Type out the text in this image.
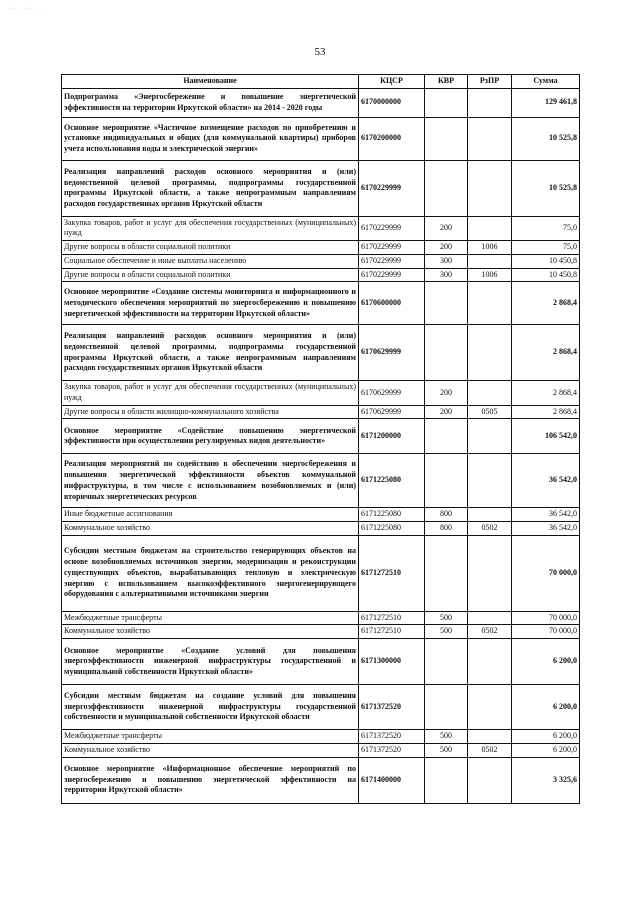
· · · · · · ·
53
Наименование	КЦСР	КВР	РзПР	Сумма
Подпрограмма «Энергосбережение и повышение энергетической эффективности на территории Иркутской области» на 2014 - 2020 годы	6170000000			129 461,8
Основное мероприятие «Частичное возмещение расходов по приобретению и установке индивидуальных и общих (для коммунальной квартиры) приборов учета использования воды и электрической энергии»	6170200000			10 525,8
Реализация направлений расходов основного мероприятия и (или) ведомственной целевой программы, подпрограммы государственной программы Иркутской области, а также непрограммным направлениям расходов государственных органов Иркутской области	6170229999			10 525,8
Закупка товаров, работ и услуг для обеспечения государственных (муниципальных) нужд	6170229999	200		75,0
Другие вопросы в области социальной политики	6170229999	200	1006	75,0
Социальное обеспечение и иные выплаты населению	6170229999	300		10 450,8
Другие вопросы в области социальной политики	6170229999	300	1006	10 450,8
Основное мероприятие «Создание системы мониторинга и информационного и методического обеспечения мероприятий по энергосбережению и повышению энергетической эффективности на территории Иркутской области»	6170600000			2 868,4
Реализация направлений расходов основного мероприятия и (или) ведомственной целевой программы, подпрограммы государственной программы Иркутской области, а также непрограммным направлениям расходов государственных органов Иркутской области	6170629999			2 868,4
Закупка товаров, работ и услуг для обеспечения государственных (муниципальных) нужд	6170629999	200		2 868,4
Другие вопросы в области жилищно-коммунального хозяйства	6170629999	200	0505	2 868,4
Основное мероприятие «Содействие повышению энергетической эффективности при осуществлении регулируемых видов деятельности»	6171200000			106 542,0
Реализация мероприятий по содействию в обеспечении энергосбережения и повышения энергетической эффективности объектов коммунальной инфраструктуры, в том числе с использованием возобновляемых и (или) вторичных энергетических ресурсов	6171225080			36 542,0
Иные бюджетные ассигнования	6171225080	800		36 542,0
Коммунальное хозяйство	6171225080	800	0502	36 542,0
Субсидии местным бюджетам на строительство генерирующих объектов на основе возобновляемых источников энергии, модернизации и реконструкции существующих объектов, вырабатывающих тепловую и электрическую энергию с использованием высокоэффективного энергогенерирующего оборудования с альтернативными источниками энергии	6171272510			70 000,0
Межбюджетные трансферты	6171272510	500		70 000,0
Коммунальное хозяйство	6171272510	500	0502	70 000,0
Основное мероприятие «Создание условий для повышения энергоэффективности инженерной инфраструктуры государственной и муниципальной собственности Иркутской области»	6171300000			6 200,0
Субсидии местным бюджетам на создание условий для повышения энергоэффективности инженерной инфраструктуры государственной собственности и муниципальной собственности Иркутской области	6171372520			6 200,0
Межбюджетные трансферты	6171372520	500		6 200,0
Коммунальное хозяйство	6171372520	500	0502	6 200,0
Основное мероприятие «Информационное обеспечение мероприятий по энергосбережению и повышению энергетической эффективности на территории Иркутской области»	6171400000			3 325,6
